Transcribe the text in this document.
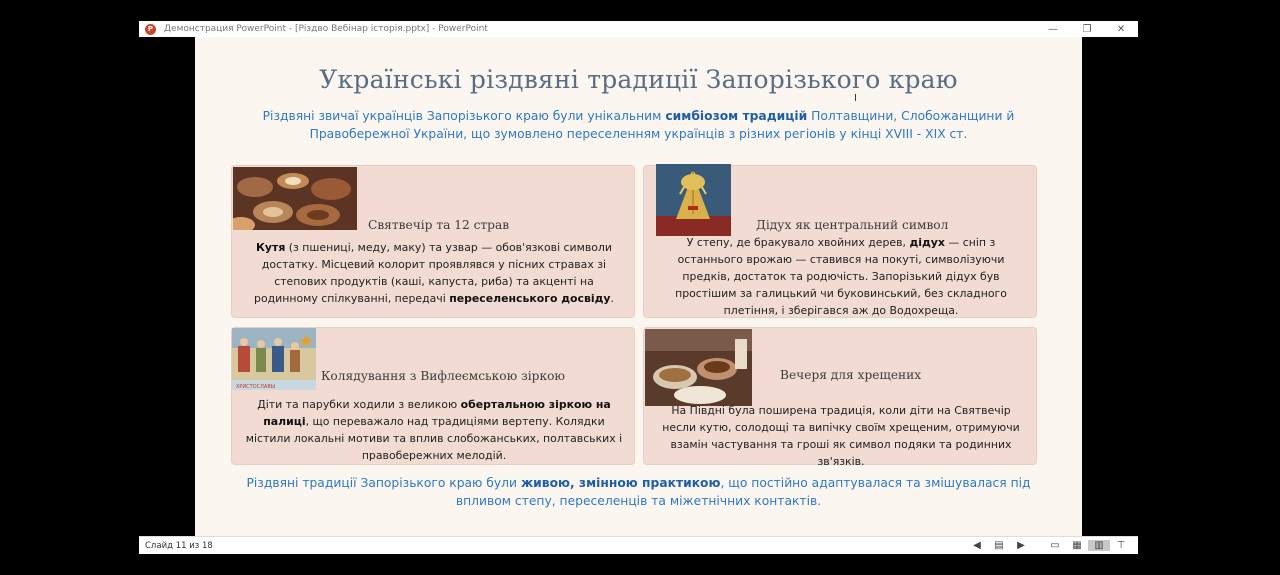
P	Демонстрация PowerPoint - [Різдво Вебінар історія.pptx] - PowerPoint	—	❐	✕
Українські різдвяні традиції Запорізького краю
I
Різдвяні звичаї українців Запорізького краю були унікальним симбіозом традицій Полтавщини, Слобожанщини й Правобережної України, що зумовлено переселенням українців з різних регіонів у кінці XVIII - XIX ст.
Святвечір та 12 страв
Кутя (з пшениці, меду, маку) та узвар — обов'язкові символи достатку. Місцевий колорит проявлявся у пісних стравах зі степових продуктів (каші, капуста, риба) та акценті на родинному спілкуванні, передачі переселенського досвіду.
Дідух як центральний символ
У степу, де бракувало хвойних дерев, дідух — сніп з останнього врожаю — ставився на покуті, символізуючи предків, достаток та родючість. Запорізький дідух був простішим за галицький чи буковинський, без складного плетіння, і зберігався аж до Водохреща.
ХРИСТОСЛАВЫ
Колядування з Вифлеємською зіркою
Діти та парубки ходили з великою обертальною зіркою на палиці, що переважало над традиціями вертепу. Колядки містили локальні мотиви та вплив слобожанських, полтавських і правобережних мелодій.
Вечеря для хрещених
На Півдні була поширена традиція, коли діти на Святвечір несли кутю, солодощі та випічку своїм хрещеним, отримуючи взамін частування та гроші як символ подяки та родинних зв'язків.
Різдвяні традиції Запорізького краю були живою, змінною практикою, що постійно адаптувалася та змішувалася під впливом степу, переселенців та міжетнічних контактів.
Слайд 11 из 18	◀	▤	▶	▭	▦	▥	⊤
